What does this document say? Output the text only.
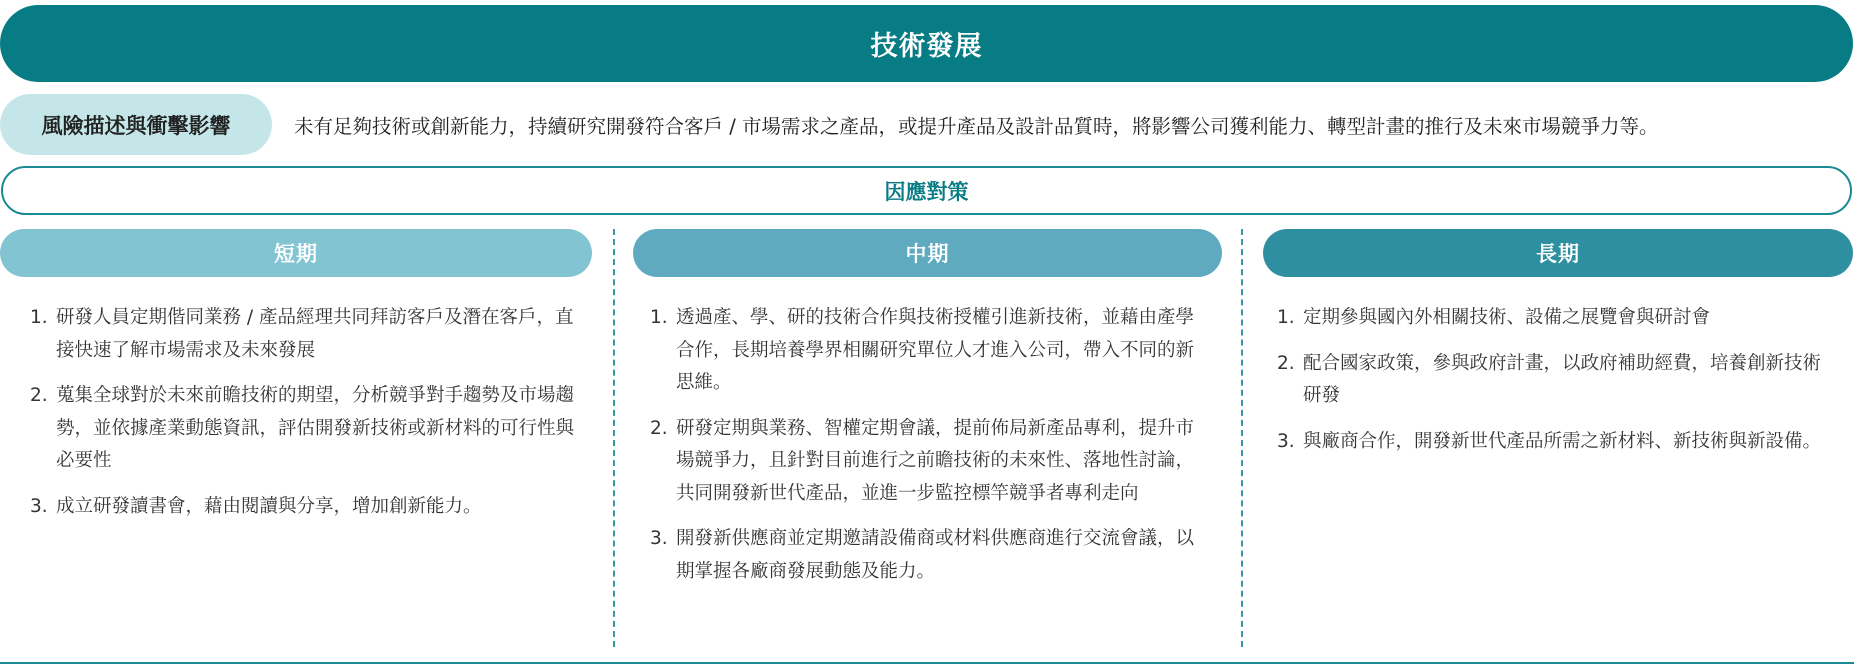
技術發展
風險描述與衝擊影響	未有足夠技術或創新能力，持續研究開發符合客戶 / 市場需求之產品，或提升產品及設計品質時，將影響公司獲利能力、轉型計畫的推行及未來市場競爭力等。
因應對策
短期	中期	長期
1. 研發人員定期偕同業務 / 產品經理共同拜訪客戶及潛在客戶，直接快速了解市場需求及未來發展
2. 蒐集全球對於未來前瞻技術的期望，分析競爭對手趨勢及市場趨勢，並依據產業動態資訊，評估開發新技術或新材料的可行性與必要性
3. 成立研發讀書會，藉由閱讀與分享，增加創新能力。
1. 透過產、學、研的技術合作與技術授權引進新技術，並藉由產學合作，長期培養學界相關研究單位人才進入公司，帶入不同的新思維。
2. 研發定期與業務、智權定期會議，提前佈局新產品專利，提升市場競爭力，且針對目前進行之前瞻技術的未來性、落地性討論，共同開發新世代產品，並進一步監控標竿競爭者專利走向
3. 開發新供應商並定期邀請設備商或材料供應商進行交流會議，以期掌握各廠商發展動態及能力。
1. 定期參與國內外相關技術、設備之展覽會與研討會
2. 配合國家政策，參與政府計畫，以政府補助經費，培養創新技術研發
3. 與廠商合作，開發新世代產品所需之新材料、新技術與新設備。
